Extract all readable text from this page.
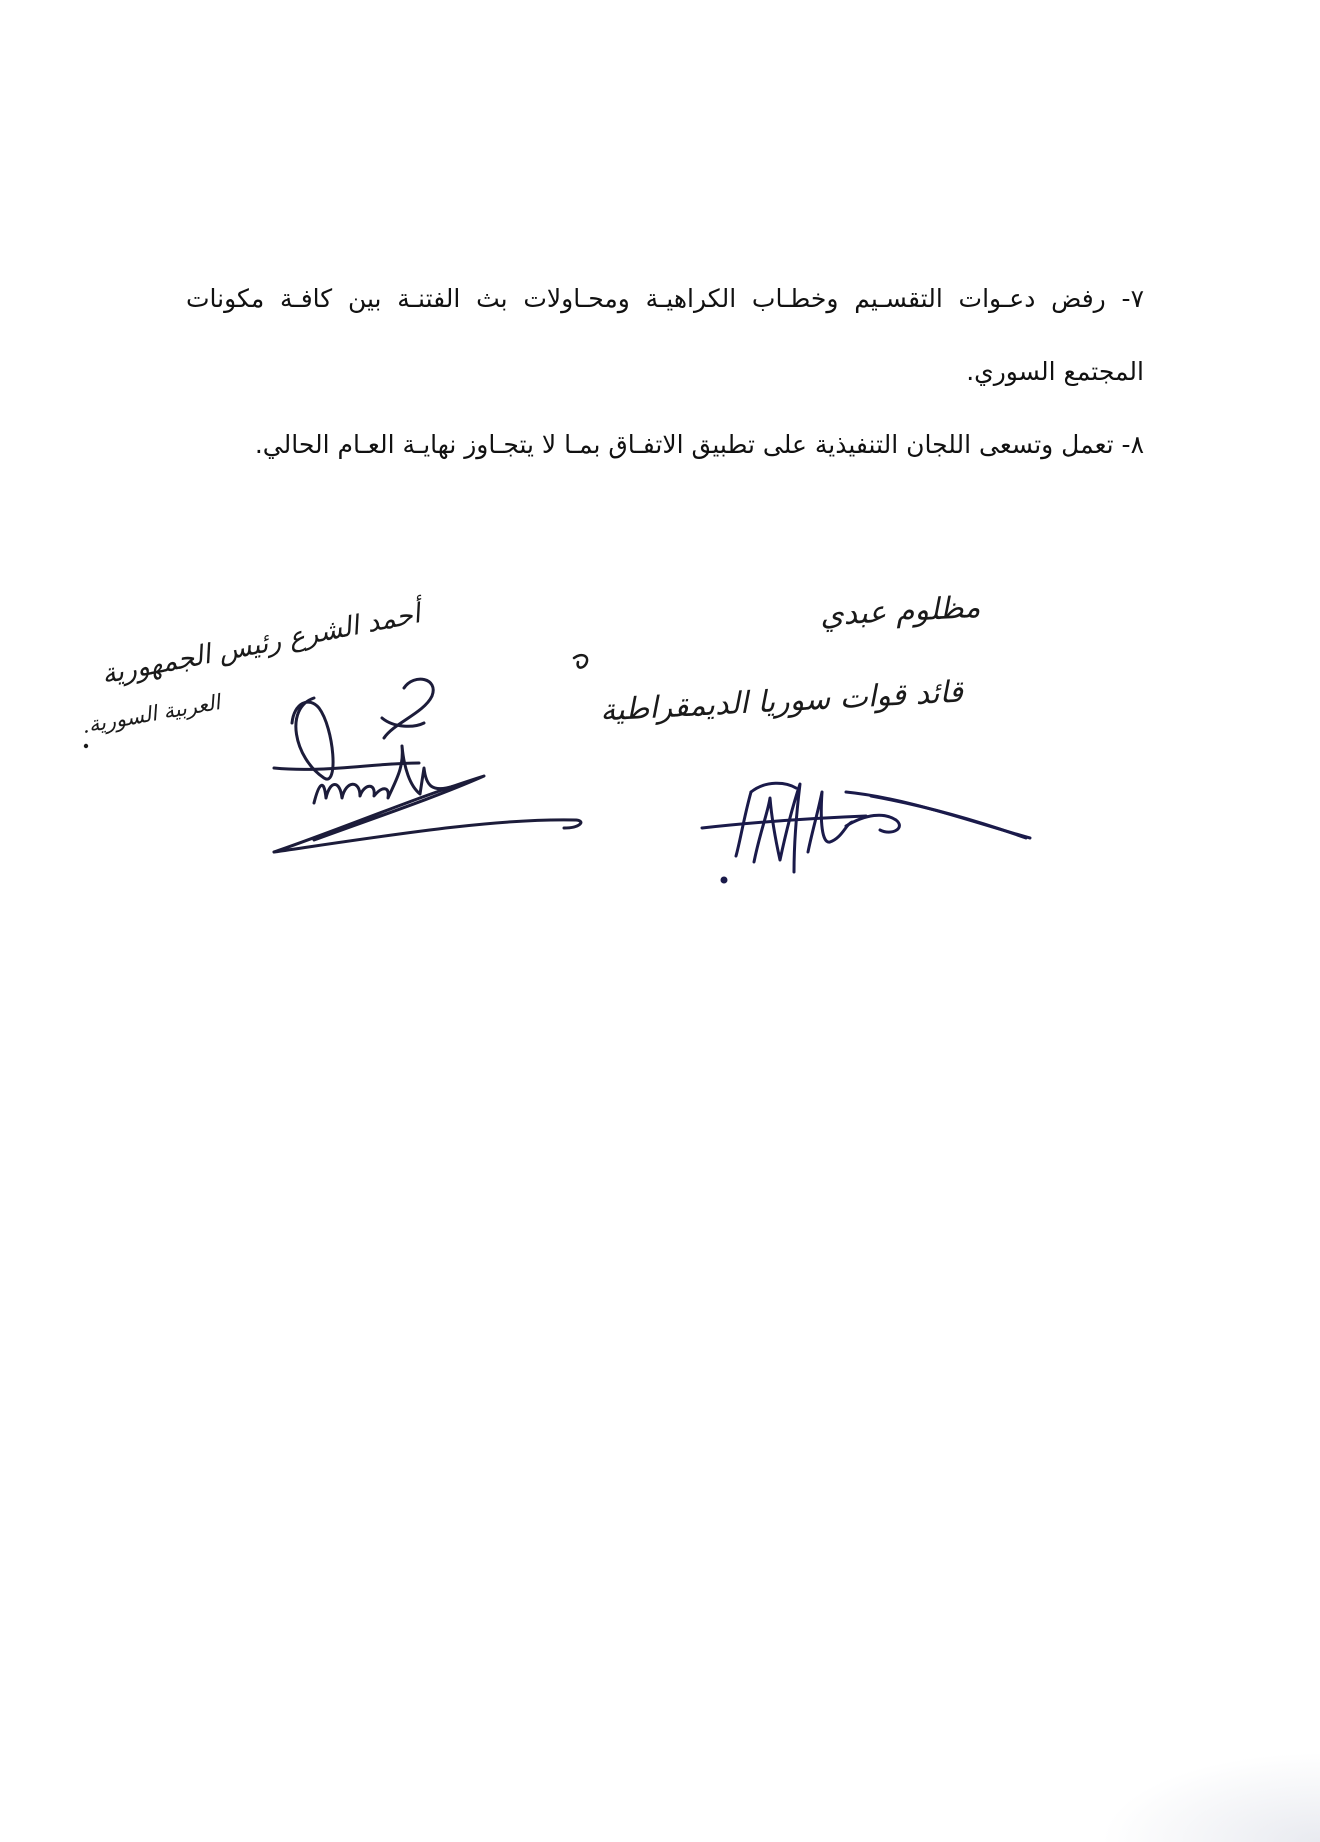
٧- رفض دعـوات التقسـيم وخطـاب الكراهيـة ومحـاولات بث الفتنـة بين كافـة مكونات المجتمع السوري.

٨- تعمل وتسعى اللجان التنفيذية على تطبيق الاتفـاق بمـا لا يتجـاوز نهايـة العـام الحالي.

أحمد الشرع رئيس الجمهورية
العربية السورية.
مظلوم عبدي
قائد قوات سوريا الديمقراطية
